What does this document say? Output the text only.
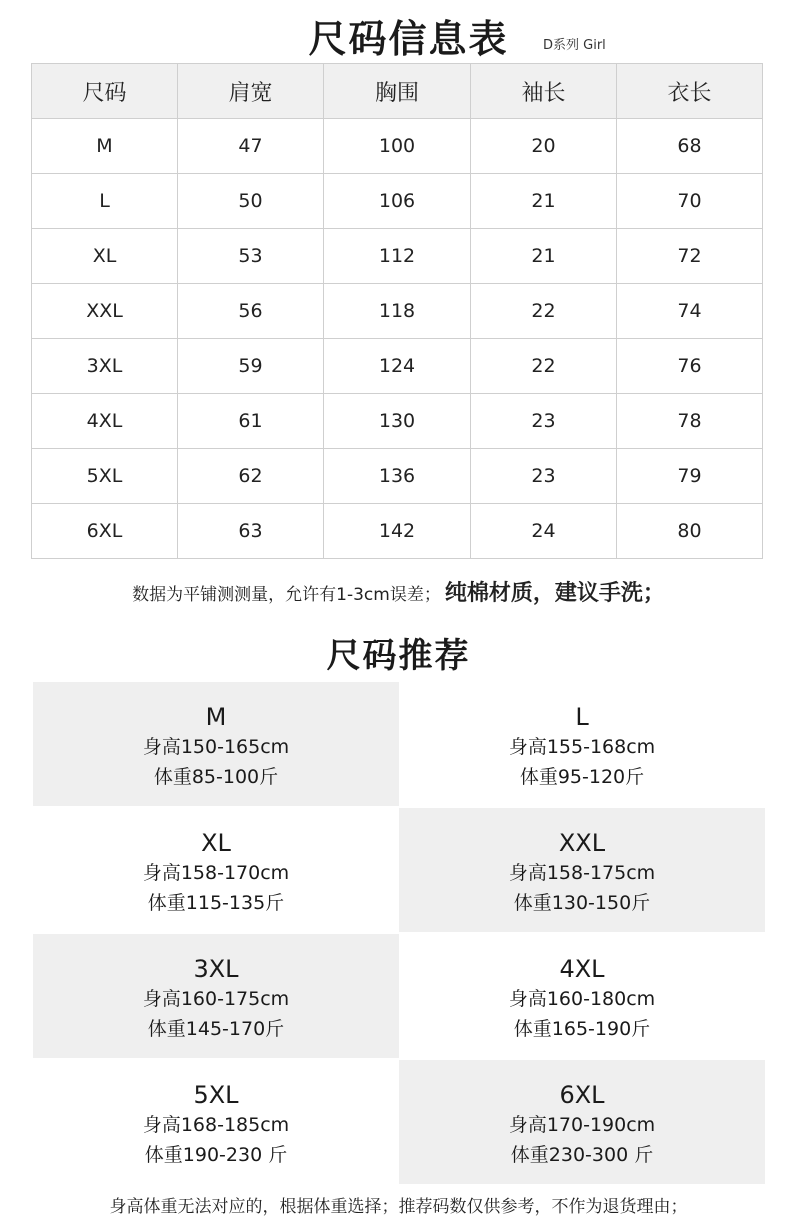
尺码信息表	D系列 Girl
尺码	肩宽	胸围	袖长	衣长
M	47	100	20	68
L	50	106	21	70
XL	53	112	21	72
XXL	56	118	22	74
3XL	59	124	22	76
4XL	61	130	23	78
5XL	62	136	23	79
6XL	63	142	24	80
数据为平铺测测量，允许有1-3cm误差； 纯棉材质，建议手洗；
尺码推荐
M
身高150-165cm
体重85-100斤
L
身高155-168cm
体重95-120斤
XL
身高158-170cm
体重115-135斤
XXL
身高158-175cm
体重130-150斤
3XL
身高160-175cm
体重145-170斤
4XL
身高160-180cm
体重165-190斤
5XL
身高168-185cm
体重190-230 斤
6XL
身高170-190cm
体重230-300 斤
身高体重无法对应的，根据体重选择；推荐码数仅供参考，不作为退货理由；
